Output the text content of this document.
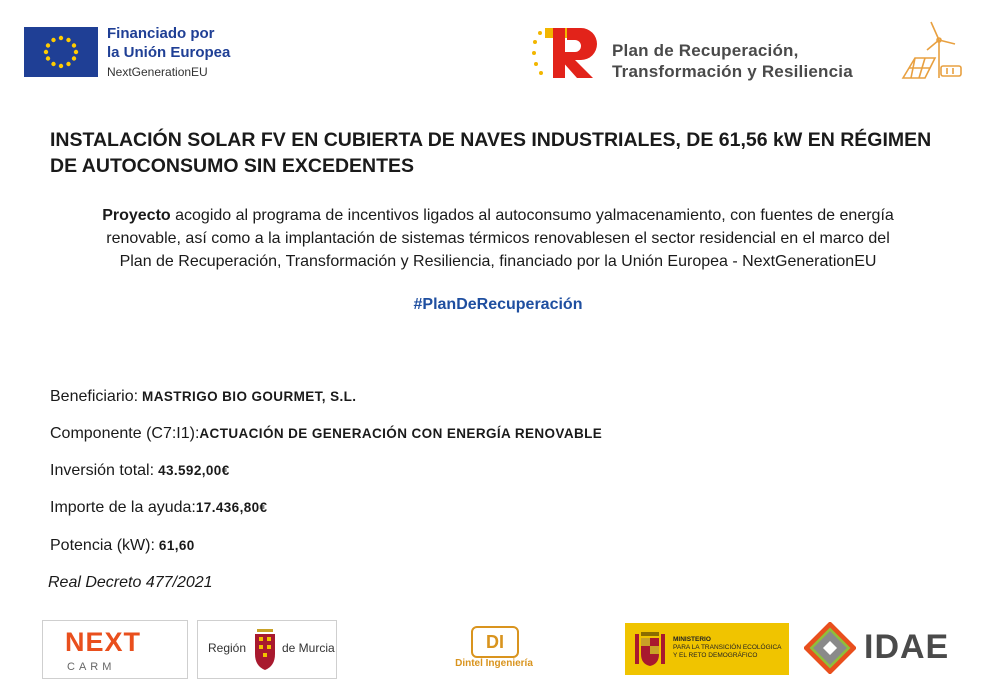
Financiado por
la Unión Europea
NextGenerationEU
Plan de Recuperación,
Transformación y Resiliencia
INSTALACIÓN SOLAR FV EN CUBIERTA DE NAVES INDUSTRIALES, DE 61,56 kW EN RÉGIMEN DE AUTOCONSUMO SIN EXCEDENTES
Proyecto acogido al programa de incentivos ligados al autoconsumo yalmacenamiento, con fuentes de energía
renovable, así como a la implantación de sistemas térmicos renovablesen el sector residencial en el marco del
Plan de Recuperación, Transformación y Resiliencia, financiado por la Unión Europea - NextGenerationEU
#PlanDeRecuperación
Beneficiario: MASTRIGO BIO GOURMET, S.L.
Componente (C7:I1):ACTUACIÓN DE GENERACIÓN CON ENERGÍA RENOVABLE
Inversión total: 43.592,00€
Importe de la ayuda:17.436,80€
Potencia (kW): 61,60
Real Decreto 477/2021
NEXT
CARM
Región	de Murcia	DI
Dintel Ingeniería
MINISTERIO
PARA LA TRANSICIÓN ECOLÓGICA
Y EL RETO DEMOGRÁFICO	IDAE
